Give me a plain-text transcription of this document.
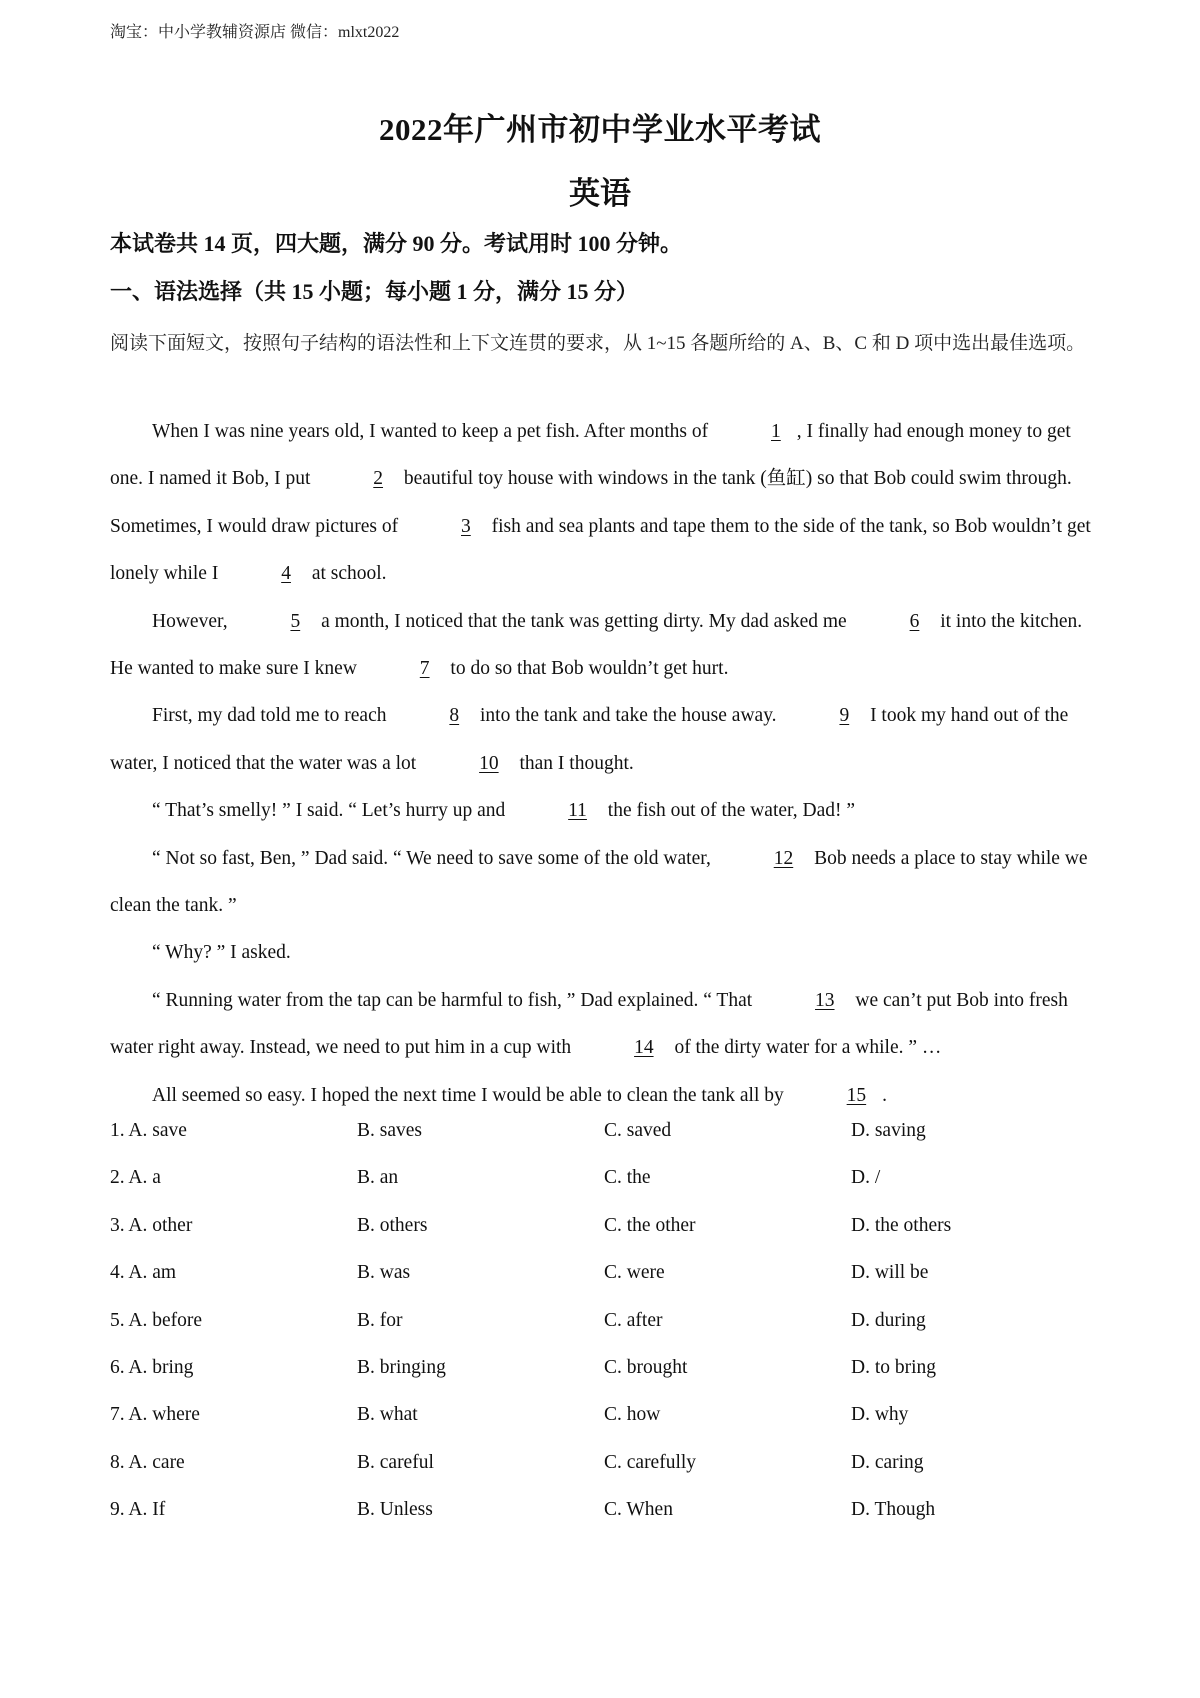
淘宝：中小学教辅资源店 微信：mlxt2022
2022年广州市初中学业水平考试
英语
本试卷共 14 页，四大题，满分 90 分。考试用时 100 分钟。
一、语法选择（共 15 小题；每小题 1 分，满分 15 分）
阅读下面短文，按照句子结构的语法性和上下文连贯的要求，从 1~15 各题所给的 A、B、C 和 D 项中选出最佳选项。

When I was nine years old, I wanted to keep a pet fish. After months of	1 , I finally had enough money to get one. I named it Bob, I put	2 beautiful toy house with windows in the tank (鱼缸) so that Bob could swim through. Sometimes, I would draw pictures of	3 fish and sea plants and tape them to the side of the tank, so Bob wouldn’t get lonely while I	4 at school.

However,	5 a month, I noticed that the tank was getting dirty. My dad asked me	6 it into the kitchen. He wanted to make sure I knew	7 to do so that Bob wouldn’t get hurt.

First, my dad told me to reach	8 into the tank and take the house away.	9 I took my hand out of the water, I noticed that the water was a lot	10 than I thought.

“ That’s smelly! ” I said. “ Let’s hurry up and	11 the fish out of the water, Dad! ”

“ Not so fast, Ben, ” Dad said. “ We need to save some of the old water,	12 Bob needs a place to stay while we clean the tank. ”

“ Why? ” I asked.

“ Running water from the tap can be harmful to fish, ” Dad explained. “ That	13 we can’t put Bob into fresh water right away. Instead, we need to put him in a cup with	14 of the dirty water for a while. ” …

All seemed so easy. I hoped the next time I would be able to clean the tank all by	15 .

1. A. save	B. saves	C. saved	D. saving
2. A. a	B. an	C. the	D. /
3. A. other	B. others	C. the other	D. the others
4. A. am	B. was	C. were	D. will be
5. A. before	B. for	C. after	D. during
6. A. bring	B. bringing	C. brought	D. to bring
7. A. where	B. what	C. how	D. why
8. A. care	B. careful	C. carefully	D. caring
9. A. If	B. Unless	C. When	D. Though
